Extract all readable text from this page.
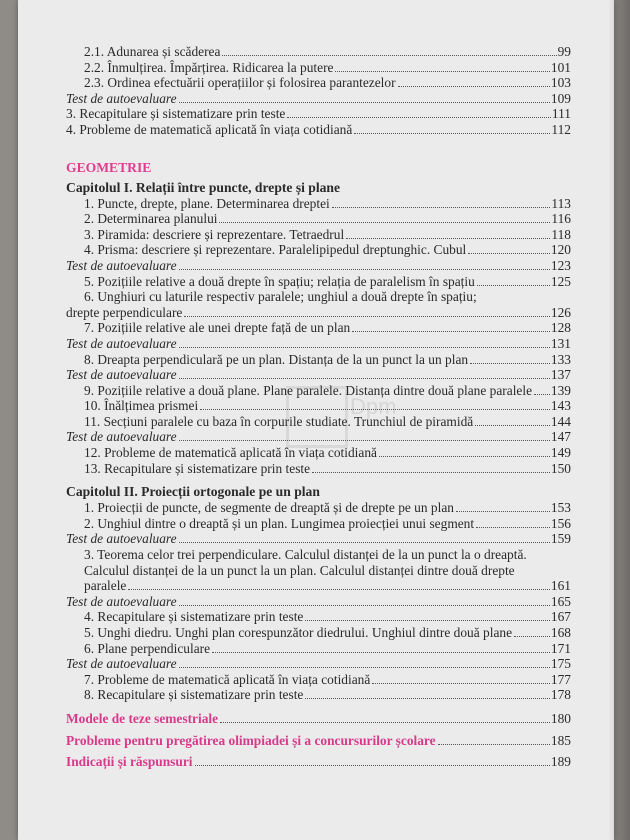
Dpm
2.1. Adunarea și scăderea	99
2.2. Înmulțirea. Împărțirea. Ridicarea la putere	101
2.3. Ordinea efectuării operațiilor și folosirea parantezelor	103
Test de autoevaluare	109
3. Recapitulare și sistematizare prin teste	111
4. Probleme de matematică aplicată în viața cotidiană	112
GEOMETRIE
Capitolul I. Relații între puncte, drepte și plane
1. Puncte, drepte, plane. Determinarea dreptei	113
2. Determinarea planului	116
3. Piramida: descriere și reprezentare. Tetraedrul	118
4. Prisma: descriere și reprezentare. Paralelipipedul dreptunghic. Cubul	120
Test de autoevaluare	123
5. Pozițiile relative a două drepte în spațiu; relația de paralelism în spațiu	125
6. Unghiuri cu laturile respectiv paralele; unghiul a două drepte în spațiu;
drepte perpendiculare	126
7. Pozițiile relative ale unei drepte față de un plan	128
Test de autoevaluare	131
8. Dreapta perpendiculară pe un plan. Distanța de la un punct la un plan	133
Test de autoevaluare	137
9. Pozițiile relative a două plane. Plane paralele. Distanța dintre două plane paralele 139
10. Înălțimea prismei	143
11. Secțiuni paralele cu baza în corpurile studiate. Trunchiul de piramidă	144
Test de autoevaluare	147
12. Probleme de matematică aplicată în viața cotidiană	149
13. Recapitulare și sistematizare prin teste	150
Capitolul II. Proiecții ortogonale pe un plan
1. Proiecții de puncte, de segmente de dreaptă și de drepte pe un plan	153
2. Unghiul dintre o dreaptă și un plan. Lungimea proiecției unui segment	156
Test de autoevaluare	159
3. Teorema celor trei perpendiculare. Calculul distanței de la un punct la o dreaptă.
Calculul distanței de la un punct la un plan. Calculul distanței dintre două drepte
paralele	161
Test de autoevaluare	165
4. Recapitulare și sistematizare prin teste	167
5. Unghi diedru. Unghi plan corespunzător diedrului. Unghiul dintre două plane	168
6. Plane perpendiculare	171
Test de autoevaluare	175
7. Probleme de matematică aplicată în viața cotidiană	177
8. Recapitulare și sistematizare prin teste	178
Modele de teze semestriale	180
Probleme pentru pregătirea olimpiadei și a concursurilor școlare	185
Indicații și răspunsuri	189
